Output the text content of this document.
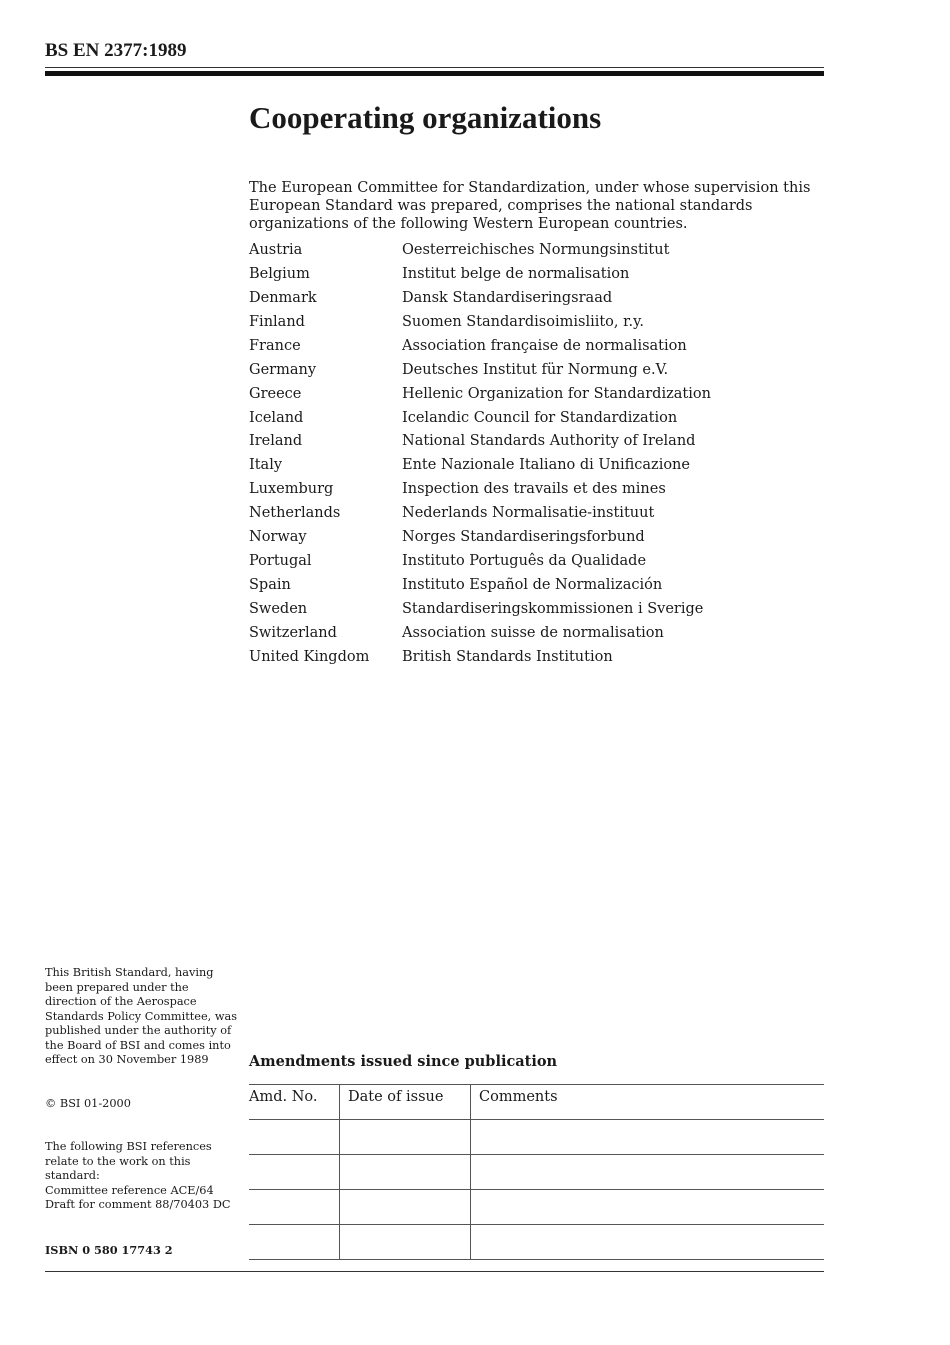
BS EN 2377:1989
Cooperating organizations
The European Committee for Standardization, under whose supervision this European Standard was prepared, comprises the national standards organizations of the following Western European countries.
Austria	Oesterreichisches Normungsinstitut
Belgium	Institut belge de normalisation
Denmark	Dansk Standardiseringsraad
Finland	Suomen Standardisoimisliito, r.y.
France	Association française de normalisation
Germany	Deutsches Institut für Normung e.V.
Greece	Hellenic Organization for Standardization
Iceland	Icelandic Council for Standardization
Ireland	National Standards Authority of Ireland
Italy	Ente Nazionale Italiano di Unificazione
Luxemburg	Inspection des travails et des mines
Netherlands	Nederlands Normalisatie-instituut
Norway	Norges Standardiseringsforbund
Portugal	Instituto Português da Qualidade
Spain	Instituto Español de Normalización
Sweden	Standardiseringskommissionen i Sverige
Switzerland	Association suisse de normalisation
United Kingdom	British Standards Institution
This British Standard, having been prepared under the direction of the Aerospace Standards Policy Committee, was published under the authority of the Board of BSI and comes into effect on 30 November 1989
© BSI 01-2000
The following BSI references relate to the work on this standard:
Committee reference ACE/64
Draft for comment 88/70403 DC
ISBN 0 580 17743 2
Amendments issued since publication
Amd. No.	Date of issue	Comments
